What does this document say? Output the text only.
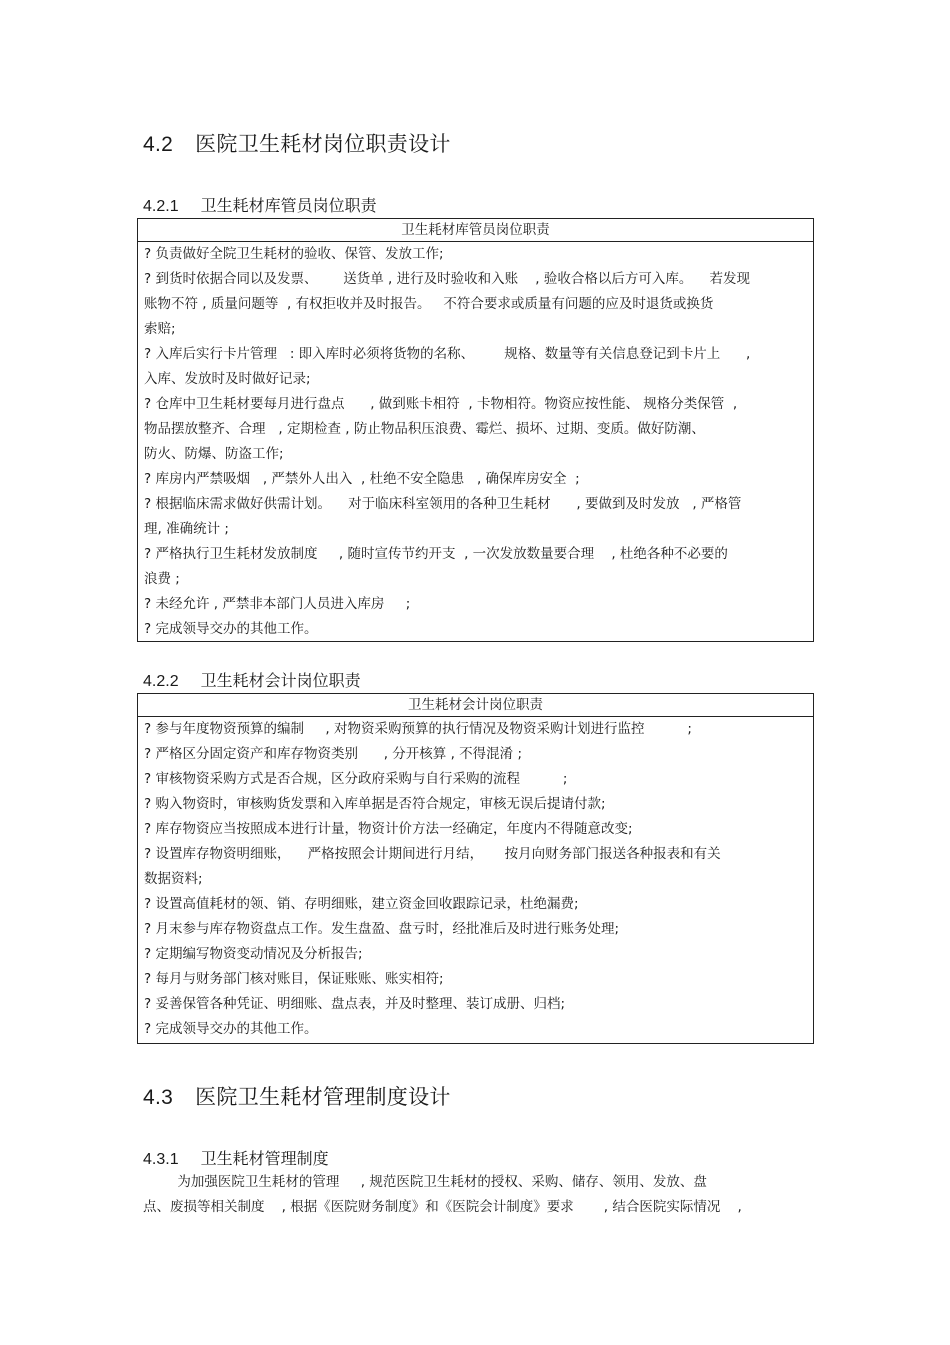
4.2 医院卫生耗材岗位职责设计
4.2.1 卫生耗材库管员岗位职责
卫生耗材库管员岗位职责
? 负责做好全院卫生耗材的验收、保管、发放工作;
? 到货时依据合同以及发票、      送货单 , 进行及时验收和入账    , 验收合格以后方可入库。    若发现
账物不符 , 质量问题等  , 有权拒收并及时报告。   不符合要求或质量有问题的应及时退货或换货
索赔;
? 入库后实行卡片管理   : 即入库时必须将货物的名称、       规格、数量等有关信息登记到卡片上      ,
入库、发放时及时做好记录;
? 仓库中卫生耗材要每月进行盘点      , 做到账卡相符  , 卡物相符。物资应按性能、 规格分类保管  ,
物品摆放整齐、合理   , 定期检查 , 防止物品积压浪费、霉烂、损坏、过期、变质。做好防潮、
防火、防爆、防盗工作;
? 库房内严禁吸烟   , 严禁外人出入  , 杜绝不安全隐患   , 确保库房安全  ;
? 根据临床需求做好供需计划。    对于临床科室领用的各种卫生耗材      , 要做到及时发放   , 严格管
理, 准确统计 ;
? 严格执行卫生耗材发放制度     , 随时宣传节约开支  , 一次发放数量要合理    , 杜绝各种不必要的
浪费 ;
? 未经允许 , 严禁非本部门人员进入库房     ;
? 完成领导交办的其他工作。
4.2.2 卫生耗材会计岗位职责
卫生耗材会计岗位职责
? 参与年度物资预算的编制     , 对物资采购预算的执行情况及物资采购计划进行监控          ;
? 严格区分固定资产和库存物资类别      , 分开核算 , 不得混淆 ;
? 审核物资采购方式是否合规，区分政府采购与自行采购的流程          ;
? 购入物资时，审核购货发票和入库单据是否符合规定，审核无误后提请付款;
? 库存物资应当按照成本进行计量，物资计价方法一经确定，年度内不得随意改变;
? 设置库存物资明细账，    严格按照会计期间进行月结，     按月向财务部门报送各种报表和有关
数据资料;
? 设置高值耗材的领、销、存明细账，建立资金回收跟踪记录，杜绝漏费;
? 月末参与库存物资盘点工作。发生盘盈、盘亏时，经批准后及时进行账务处理;
? 定期编写物资变动情况及分析报告;
? 每月与财务部门核对账目，保证账账、账实相符;
? 妥善保管各种凭证、明细账、盘点表，并及时整理、装订成册、归档;
? 完成领导交办的其他工作。
4.3 医院卫生耗材管理制度设计
4.3.1 卫生耗材管理制度
为加强医院卫生耗材的管理     , 规范医院卫生耗材的授权、采购、储存、领用、发放、盘
点、废损等相关制度    , 根据《医院财务制度》和《医院会计制度》要求       , 结合医院实际情况    ,
